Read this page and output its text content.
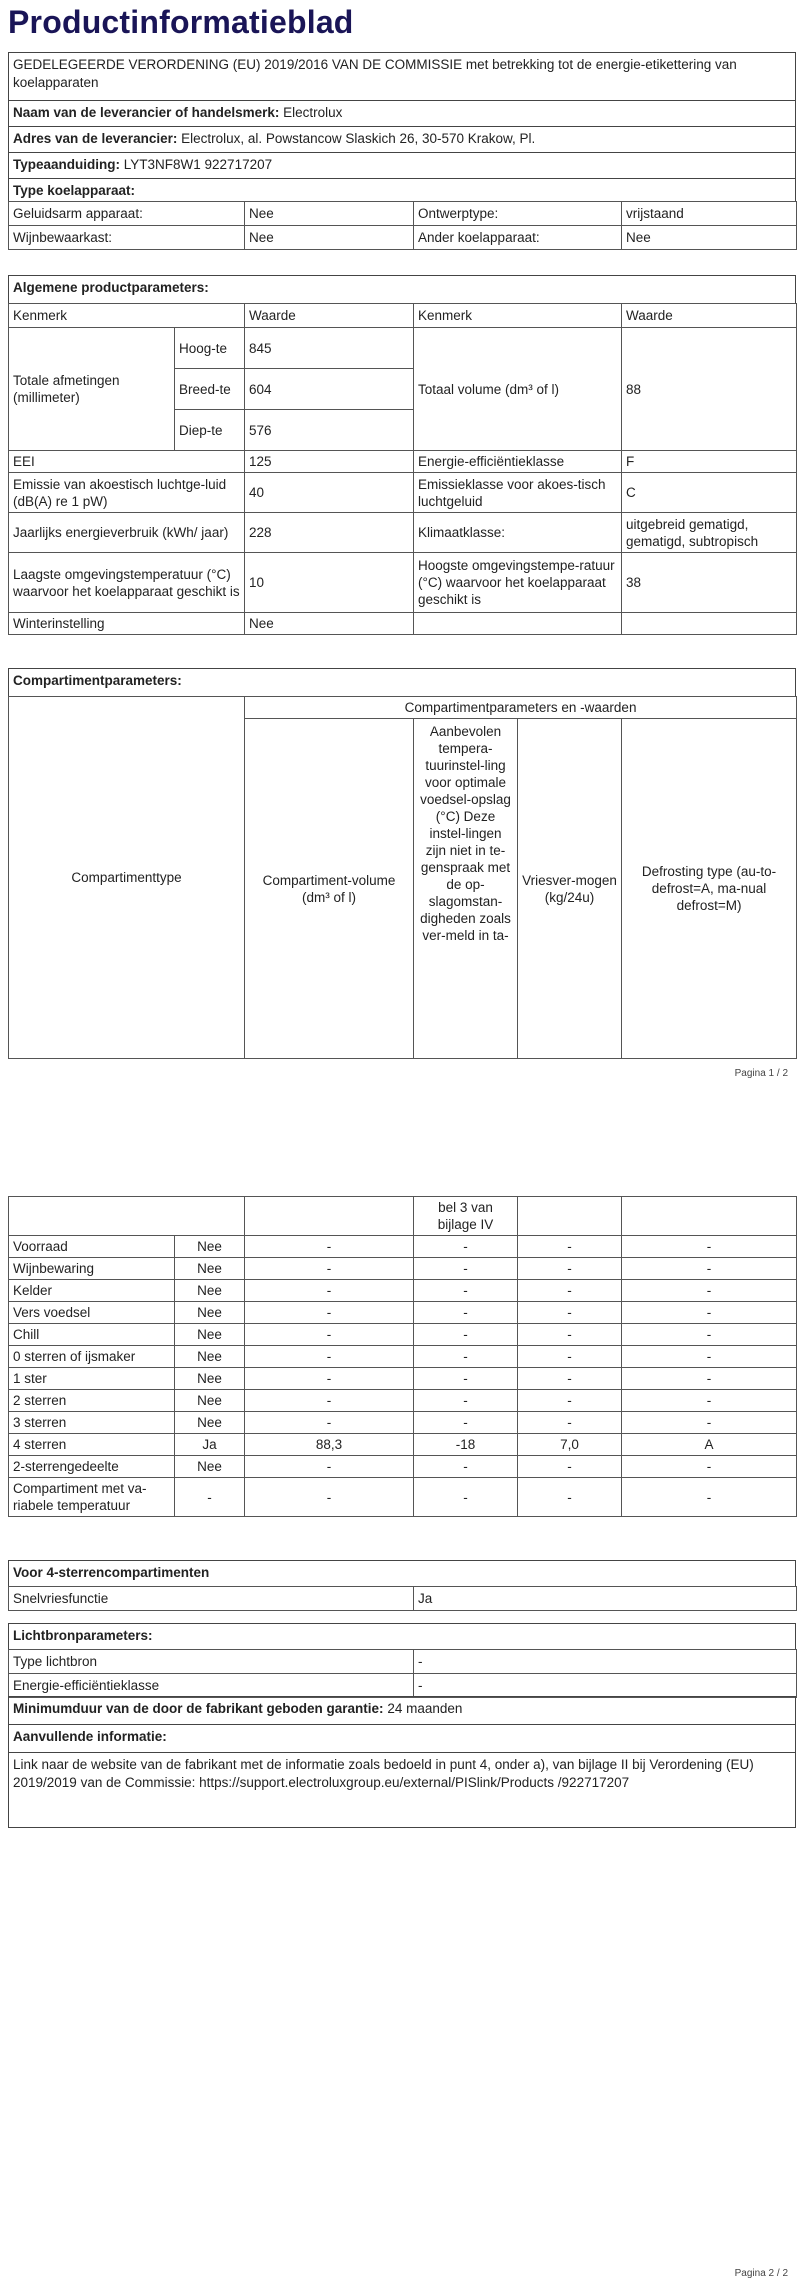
Productinformatieblad
GEDELEGEERDE VERORDENING (EU) 2019/2016 VAN DE COMMISSIE met betrekking tot de energie-etikettering van koelapparaten
Naam van de leverancier of handelsmerk: Electrolux
Adres van de leverancier: Electrolux, al. Powstancow Slaskich 26, 30-570 Krakow, Pl.
Typeaanduiding: LYT3NF8W1 922717207
Type koelapparaat:
Geluidsarm apparaat:	Nee	Ontwerptype:	vrijstaand
Wijnbewaarkast:	Nee	Ander koelapparaat:	Nee
Algemene productparameters:
Kenmerk		Waarde	Kenmerk	Waarde
Totale afmetingen (millimeter)	Hoog-te	845	Totaal volume (dm³ of l)	88
	Breed-te	604		
	Diep-te	576		
EEI		125	Energie-efficiëntieklasse	F
Emissie van akoestisch luchtge-luid (dB(A) re 1 pW)		40	Emissieklasse voor akoes-tisch luchtgeluid	C
Jaarlijks energieverbruik (kWh/ jaar)		228	Klimaatklasse:	uitgebreid gematigd, gematigd, subtropisch
Laagste omgevingstemperatuur (°C) waarvoor het koelapparaat geschikt is		10	Hoogste omgevingstempe-ratuur (°C) waarvoor het koelapparaat geschikt is	38
Winterinstelling		Nee		
Compartimentparameters:
Compartimenttype	Compartimentparameters en -waarden			
	Compartiment-volume (dm³ of l)	Aanbevolen tempera-tuurinstel-ling voor optimale voedsel-opslag (°C) Deze instel-lingen zijn niet in te-genspraak met de op-slagomstan-digheden zoals ver-meld in ta-	Vriesver-mogen (kg/24u)	Defrosting type (au-to-defrost=A, ma-nual defrost=M)
Pagina 1 / 2
			bel 3 van bijlage IV		
Voorraad	Nee	-	-	-	-
Wijnbewaring	Nee	-	-	-	-
Kelder	Nee	-	-	-	-
Vers voedsel	Nee	-	-	-	-
Chill	Nee	-	-	-	-
0 sterren of ijsmaker	Nee	-	-	-	-
1 ster	Nee	-	-	-	-
2 sterren	Nee	-	-	-	-
3 sterren	Nee	-	-	-	-
4 sterren	Ja	88,3	-18	7,0	A
2-sterrengedeelte	Nee	-	-	-	-
Compartiment met va-riabele temperatuur	-	-	-	-	-
Voor 4-sterrencompartimenten
Snelvriesfunctie	Ja
Lichtbronparameters:
Type lichtbron	-
Energie-efficiëntieklasse	-
Minimumduur van de door de fabrikant geboden garantie: 24 maanden
Aanvullende informatie:
Link naar de website van de fabrikant met de informatie zoals bedoeld in punt 4, onder a), van bijlage II bij Verordening (EU) 2019/2019 van de Commissie: https://support.electroluxgroup.eu/external/PISlink/Products /922717207
Pagina 2 / 2
